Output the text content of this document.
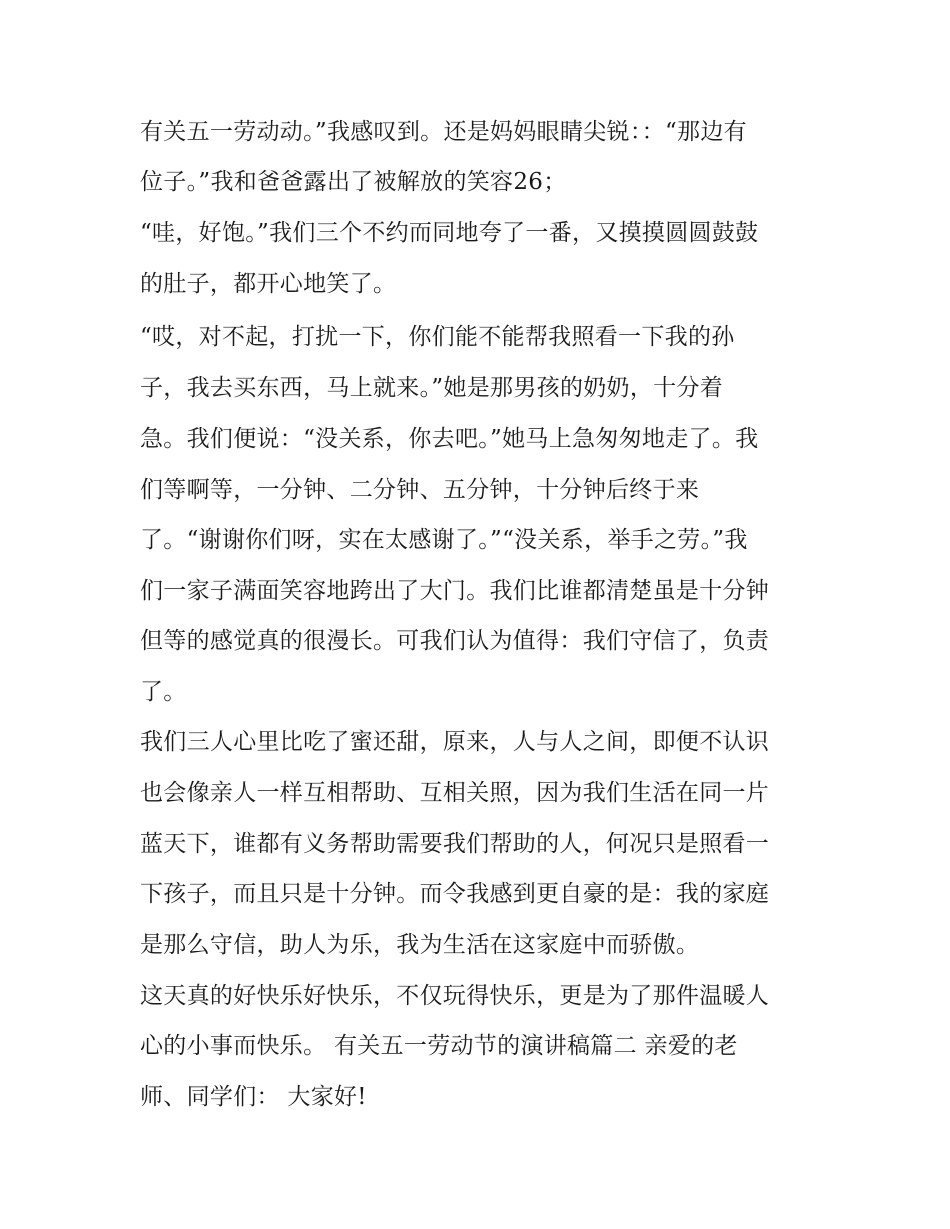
有关五一劳动动。”我感叹到。还是妈妈眼睛尖锐：：“那边有
位子。”我和爸爸露出了被解放的笑容26；
“哇，好饱。”我们三个不约而同地夸了一番，又摸摸圆圆鼓鼓
的肚子，都开心地笑了。
“哎，对不起，打扰一下，你们能不能帮我照看一下我的孙
子，我去买东西，马上就来。”她是那男孩的奶奶，十分着
急。我们便说：“没关系，你去吧。”她马上急匆匆地走了。我
们等啊等，一分钟、二分钟、五分钟，十分钟后终于来
了。“谢谢你们呀，实在太感谢了。”“没关系，举手之劳。”我
们一家子满面笑容地跨出了大门。我们比谁都清楚虽是十分钟
但等的感觉真的很漫长。可我们认为值得：我们守信了，负责
了。
我们三人心里比吃了蜜还甜，原来，人与人之间，即便不认识
也会像亲人一样互相帮助、互相关照，因为我们生活在同一片
蓝天下，谁都有义务帮助需要我们帮助的人，何况只是照看一
下孩子，而且只是十分钟。而令我感到更自豪的是：我的家庭
是那么守信，助人为乐，我为生活在这家庭中而骄傲。
这天真的好快乐好快乐，不仅玩得快乐，更是为了那件温暖人
心的小事而快乐。 有关五一劳动节的演讲稿篇二 亲爱的老
师、同学们： 大家好!
